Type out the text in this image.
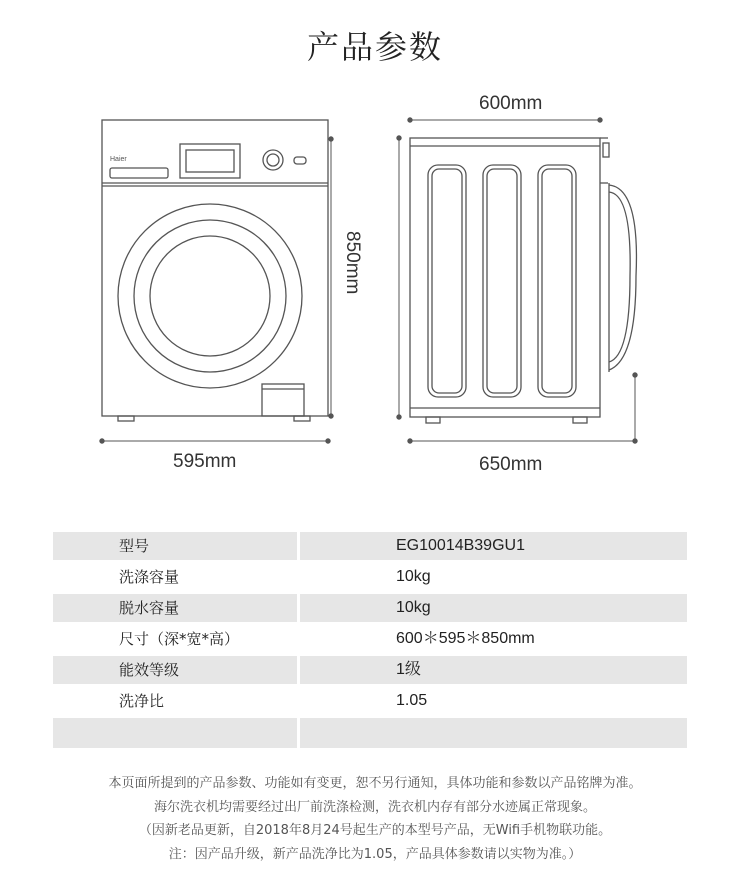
产品参数
Haier
595mm
850mm
600mm
650mm
型号	EG10014B39GU1
洗涤容量	10kg
脱水容量	10kg
尺寸（深*宽*高）	600＊595＊850mm
能效等级	1级
洗净比	1.05
本页面所提到的产品参数、功能如有变更，恕不另行通知，具体功能和参数以产品铭牌为准。
海尔洗衣机均需要经过出厂前洗涤检测，洗衣机内存有部分水迹属正常现象。
（因新老品更新，自2018年8月24号起生产的本型号产品，无Wifi手机物联功能。
注：因产品升级，新产品洗净比为1.05，产品具体参数请以实物为准。）
